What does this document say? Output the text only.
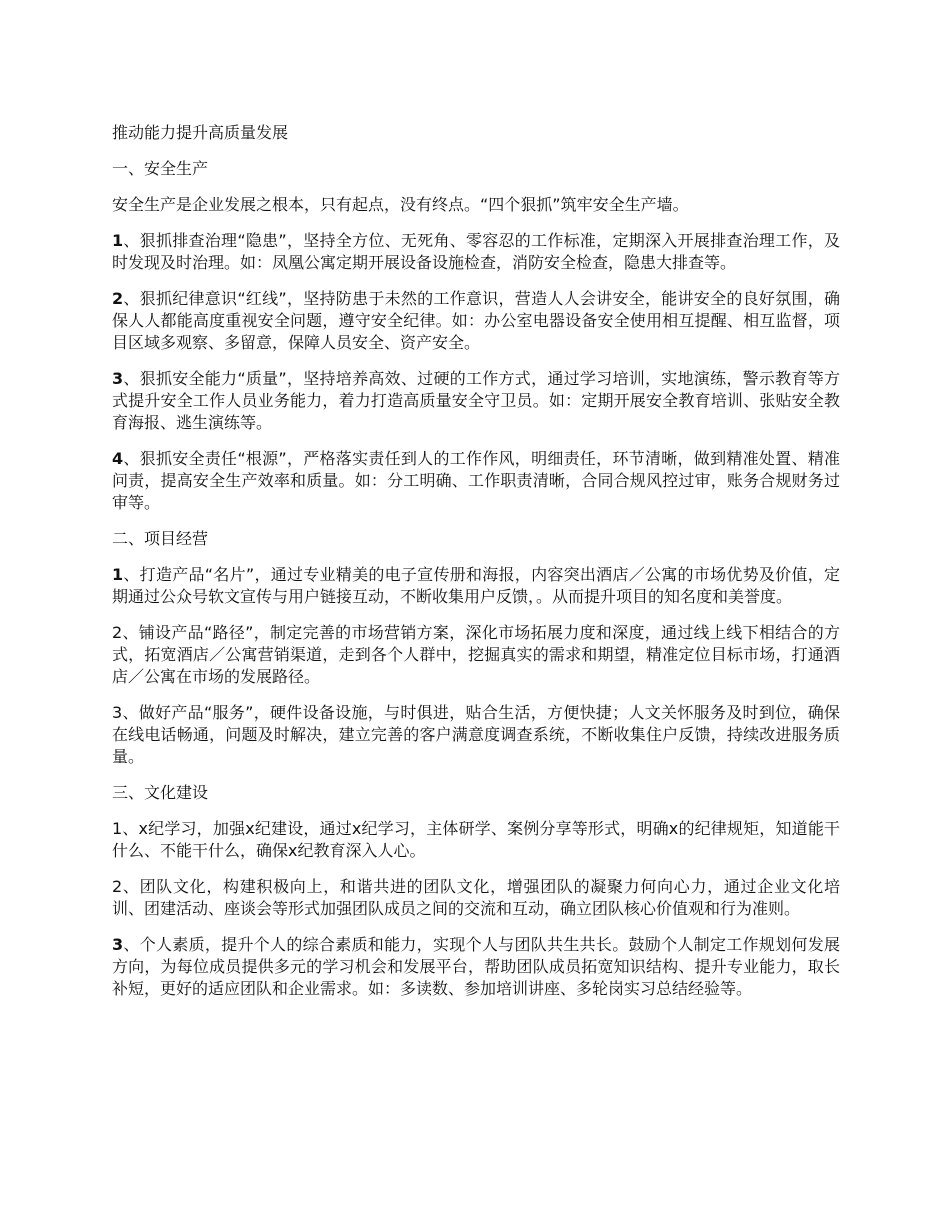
推动能力提升高质量发展

一、安全生产

安全生产是企业发展之根本，只有起点，没有终点。“四个狠抓”筑牢安全生产墙。

1、狠抓排查治理“隐患”，坚持全方位、无死角、零容忍的工作标准，定期深入开展排查治理工作，及时发现及时治理。如：凤凰公寓定期开展设备设施检查，消防安全检查，隐患大排查等。

2、狠抓纪律意识“红线”，坚持防患于未然的工作意识，营造人人会讲安全，能讲安全的良好氛围，确保人人都能高度重视安全问题，遵守安全纪律。如：办公室电器设备安全使用相互提醒、相互监督，项目区域多观察、多留意，保障人员安全、资产安全。

3、狠抓安全能力“质量”，坚持培养高效、过硬的工作方式，通过学习培训，实地演练，警示教育等方式提升安全工作人员业务能力，着力打造高质量安全守卫员。如：定期开展安全教育培训、张贴安全教育海报、逃生演练等。

4、狠抓安全责任“根源”，严格落实责任到人的工作作风，明细责任，环节清晰，做到精准处置、精准问责，提高安全生产效率和质量。如：分工明确、工作职责清晰，合同合规风控过审，账务合规财务过审等。

二、项目经营

1、打造产品“名片”，通过专业精美的电子宣传册和海报，内容突出酒店／公寓的市场优势及价值，定期通过公众号软文宣传与用户链接互动，不断收集用户反馈，。从而提升项目的知名度和美誉度。

2、铺设产品“路径”，制定完善的市场营销方案，深化市场拓展力度和深度，通过线上线下相结合的方式，拓宽酒店／公寓营销渠道，走到各个人群中，挖掘真实的需求和期望，精准定位目标市场，打通酒店／公寓在市场的发展路径。

3、做好产品“服务”，硬件设备设施，与时俱进，贴合生活，方便快捷；人文关怀服务及时到位，确保在线电话畅通，问题及时解决，建立完善的客户满意度调查系统，不断收集住户反馈，持续改进服务质量。

三、文化建设

1、x纪学习，加强x纪建设，通过x纪学习，主体研学、案例分享等形式，明确x的纪律规矩，知道能干什么、不能干什么，确保x纪教育深入人心。

2、团队文化，构建积极向上，和谐共进的团队文化，增强团队的凝聚力何向心力，通过企业文化培训、团建活动、座谈会等形式加强团队成员之间的交流和互动，确立团队核心价值观和行为准则。

3、个人素质，提升个人的综合素质和能力，实现个人与团队共生共长。鼓励个人制定工作规划何发展方向，为每位成员提供多元的学习机会和发展平台，帮助团队成员拓宽知识结构、提升专业能力，取长补短，更好的适应团队和企业需求。如：多读数、参加培训讲座、多轮岗实习总结经验等。
